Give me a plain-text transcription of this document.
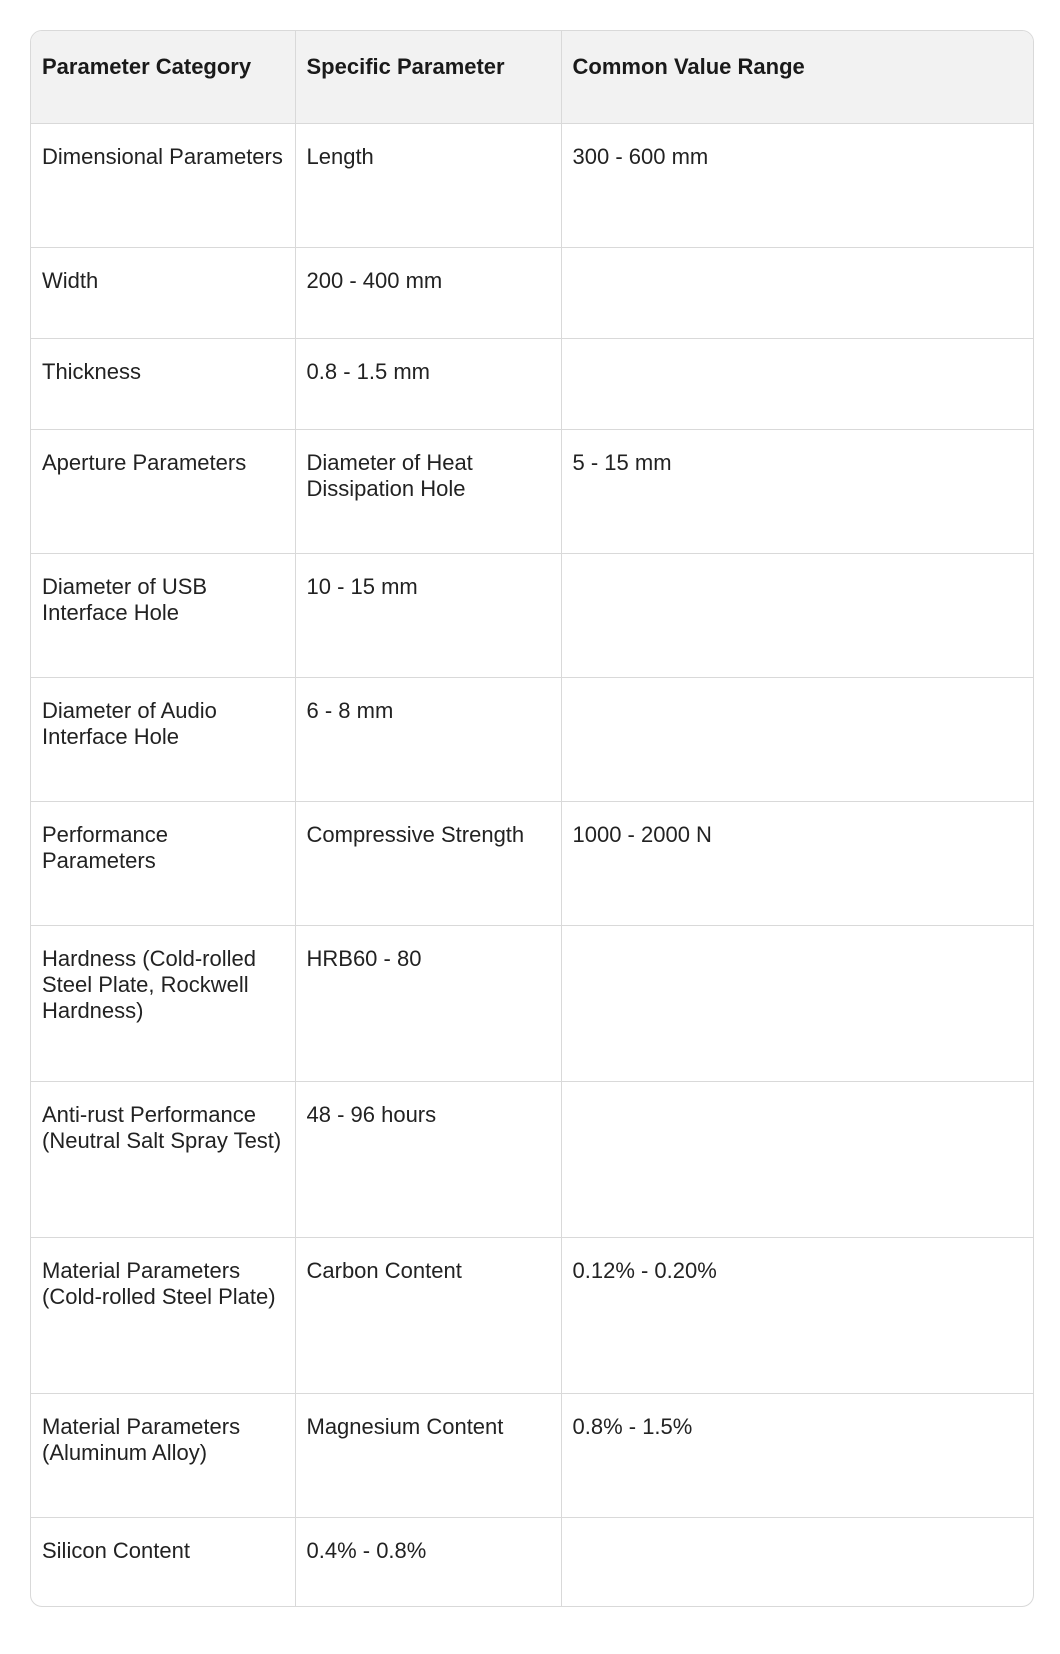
Parameter Category	Specific Parameter	Common Value Range
Dimensional Parameters	Length	300 - 600 mm
Width	200 - 400 mm	
Thickness	0.8 - 1.5 mm	
Aperture Parameters	Diameter of Heat Dissipation Hole	5 - 15 mm
Diameter of USB Interface Hole	10 - 15 mm	
Diameter of Audio Interface Hole	6 - 8 mm	
Performance Parameters	Compressive Strength	1000 - 2000 N
Hardness (Cold-rolled Steel Plate, Rockwell Hardness)	HRB60 - 80	
Anti-rust Performance (Neutral Salt Spray Test)	48 - 96 hours	
Material Parameters (Cold-rolled Steel Plate)	Carbon Content	0.12% - 0.20%
Material Parameters (Aluminum Alloy)	Magnesium Content	0.8% - 1.5%
Silicon Content	0.4% - 0.8%	
